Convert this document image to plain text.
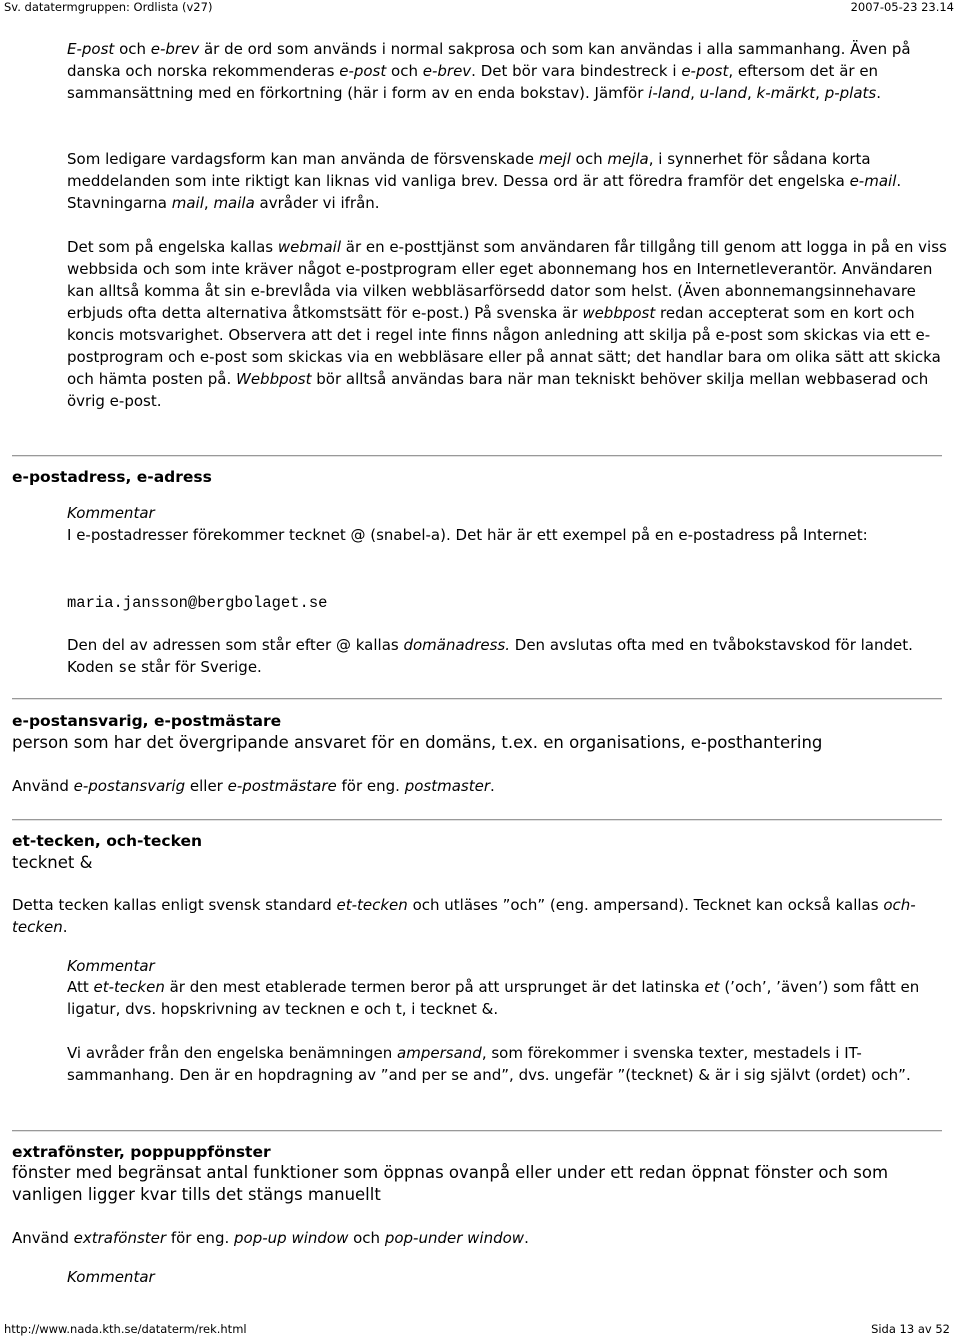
Sv. datatermgruppen: Ordlista (v27)	2007-05-23 23.14

E-post och e-brev är de ord som används i normal sakprosa och som kan användas i alla sammanhang. Även på danska och norska rekommenderas e-post och e-brev. Det bör vara bindestreck i e-post, eftersom det är en sammansättning med en förkortning (här i form av en enda bokstav). Jämför i-land, u-land, k-märkt, p-plats.

Som ledigare vardagsform kan man använda de försvenskade mejl och mejla, i synnerhet för sådana korta meddelanden som inte riktigt kan liknas vid vanliga brev. Dessa ord är att föredra framför det engelska e-mail. Stavningarna mail, maila avråder vi ifrån.

Det som på engelska kallas webmail är en e-posttjänst som användaren får tillgång till genom att logga in på en viss webbsida och som inte kräver något e-postprogram eller eget abonnemang hos en Internetleverantör. Användaren kan alltså komma åt sin e-brevlåda via vilken webbläsarförsedd dator som helst. (Även abonnemangsinnehavare erbjuds ofta detta alternativa åtkomstsätt för e-post.) På svenska är webbpost redan accepterat som en kort och koncis motsvarighet. Observera att det i regel inte finns någon anledning att skilja på e-post som skickas via ett e-postprogram och e-post som skickas via en webbläsare eller på annat sätt; det handlar bara om olika sätt att skicka och hämta posten på. Webbpost bör alltså användas bara när man tekniskt behöver skilja mellan webbaserad och övrig e-post.

e-postadress, e-adress
Kommentar

I e-postadresser förekommer tecknet @ (snabel-a). Det här är ett exempel på en e-postadress på Internet:

maria.jansson@bergbolaget.se

Den del av adressen som står efter @ kallas domänadress. Den avslutas ofta med en tvåbokstavskod för landet. Koden se står för Sverige.

e-postansvarig, e-postmästare
person som har det övergripande ansvaret för en domäns, t.ex. en organisations, e-posthantering

Använd e-postansvarig eller e-postmästare för eng. postmaster.

et-tecken, och-tecken
tecknet &

Detta tecken kallas enligt svensk standard et-tecken och utläses ”och” (eng. ampersand). Tecknet kan också kallas och-tecken.

Kommentar

Att et-tecken är den mest etablerade termen beror på att ursprunget är det latinska et (’och’, ’även’) som fått en ligatur, dvs. hopskrivning av tecknen e och t, i tecknet &.

Vi avråder från den engelska benämningen ampersand, som förekommer i svenska texter, mestadels i IT-sammanhang. Den är en hopdragning av ”and per se and”, dvs. ungefär ”(tecknet) & är i sig självt (ordet) och”.

extrafönster, poppuppfönster
fönster med begränsat antal funktioner som öppnas ovanpå eller under ett redan öppnat fönster och som vanligen ligger kvar tills det stängs manuellt

Använd extrafönster för eng. pop-up window och pop-under window.

Kommentar
http://www.nada.kth.se/dataterm/rek.html	Sida 13 av 52
